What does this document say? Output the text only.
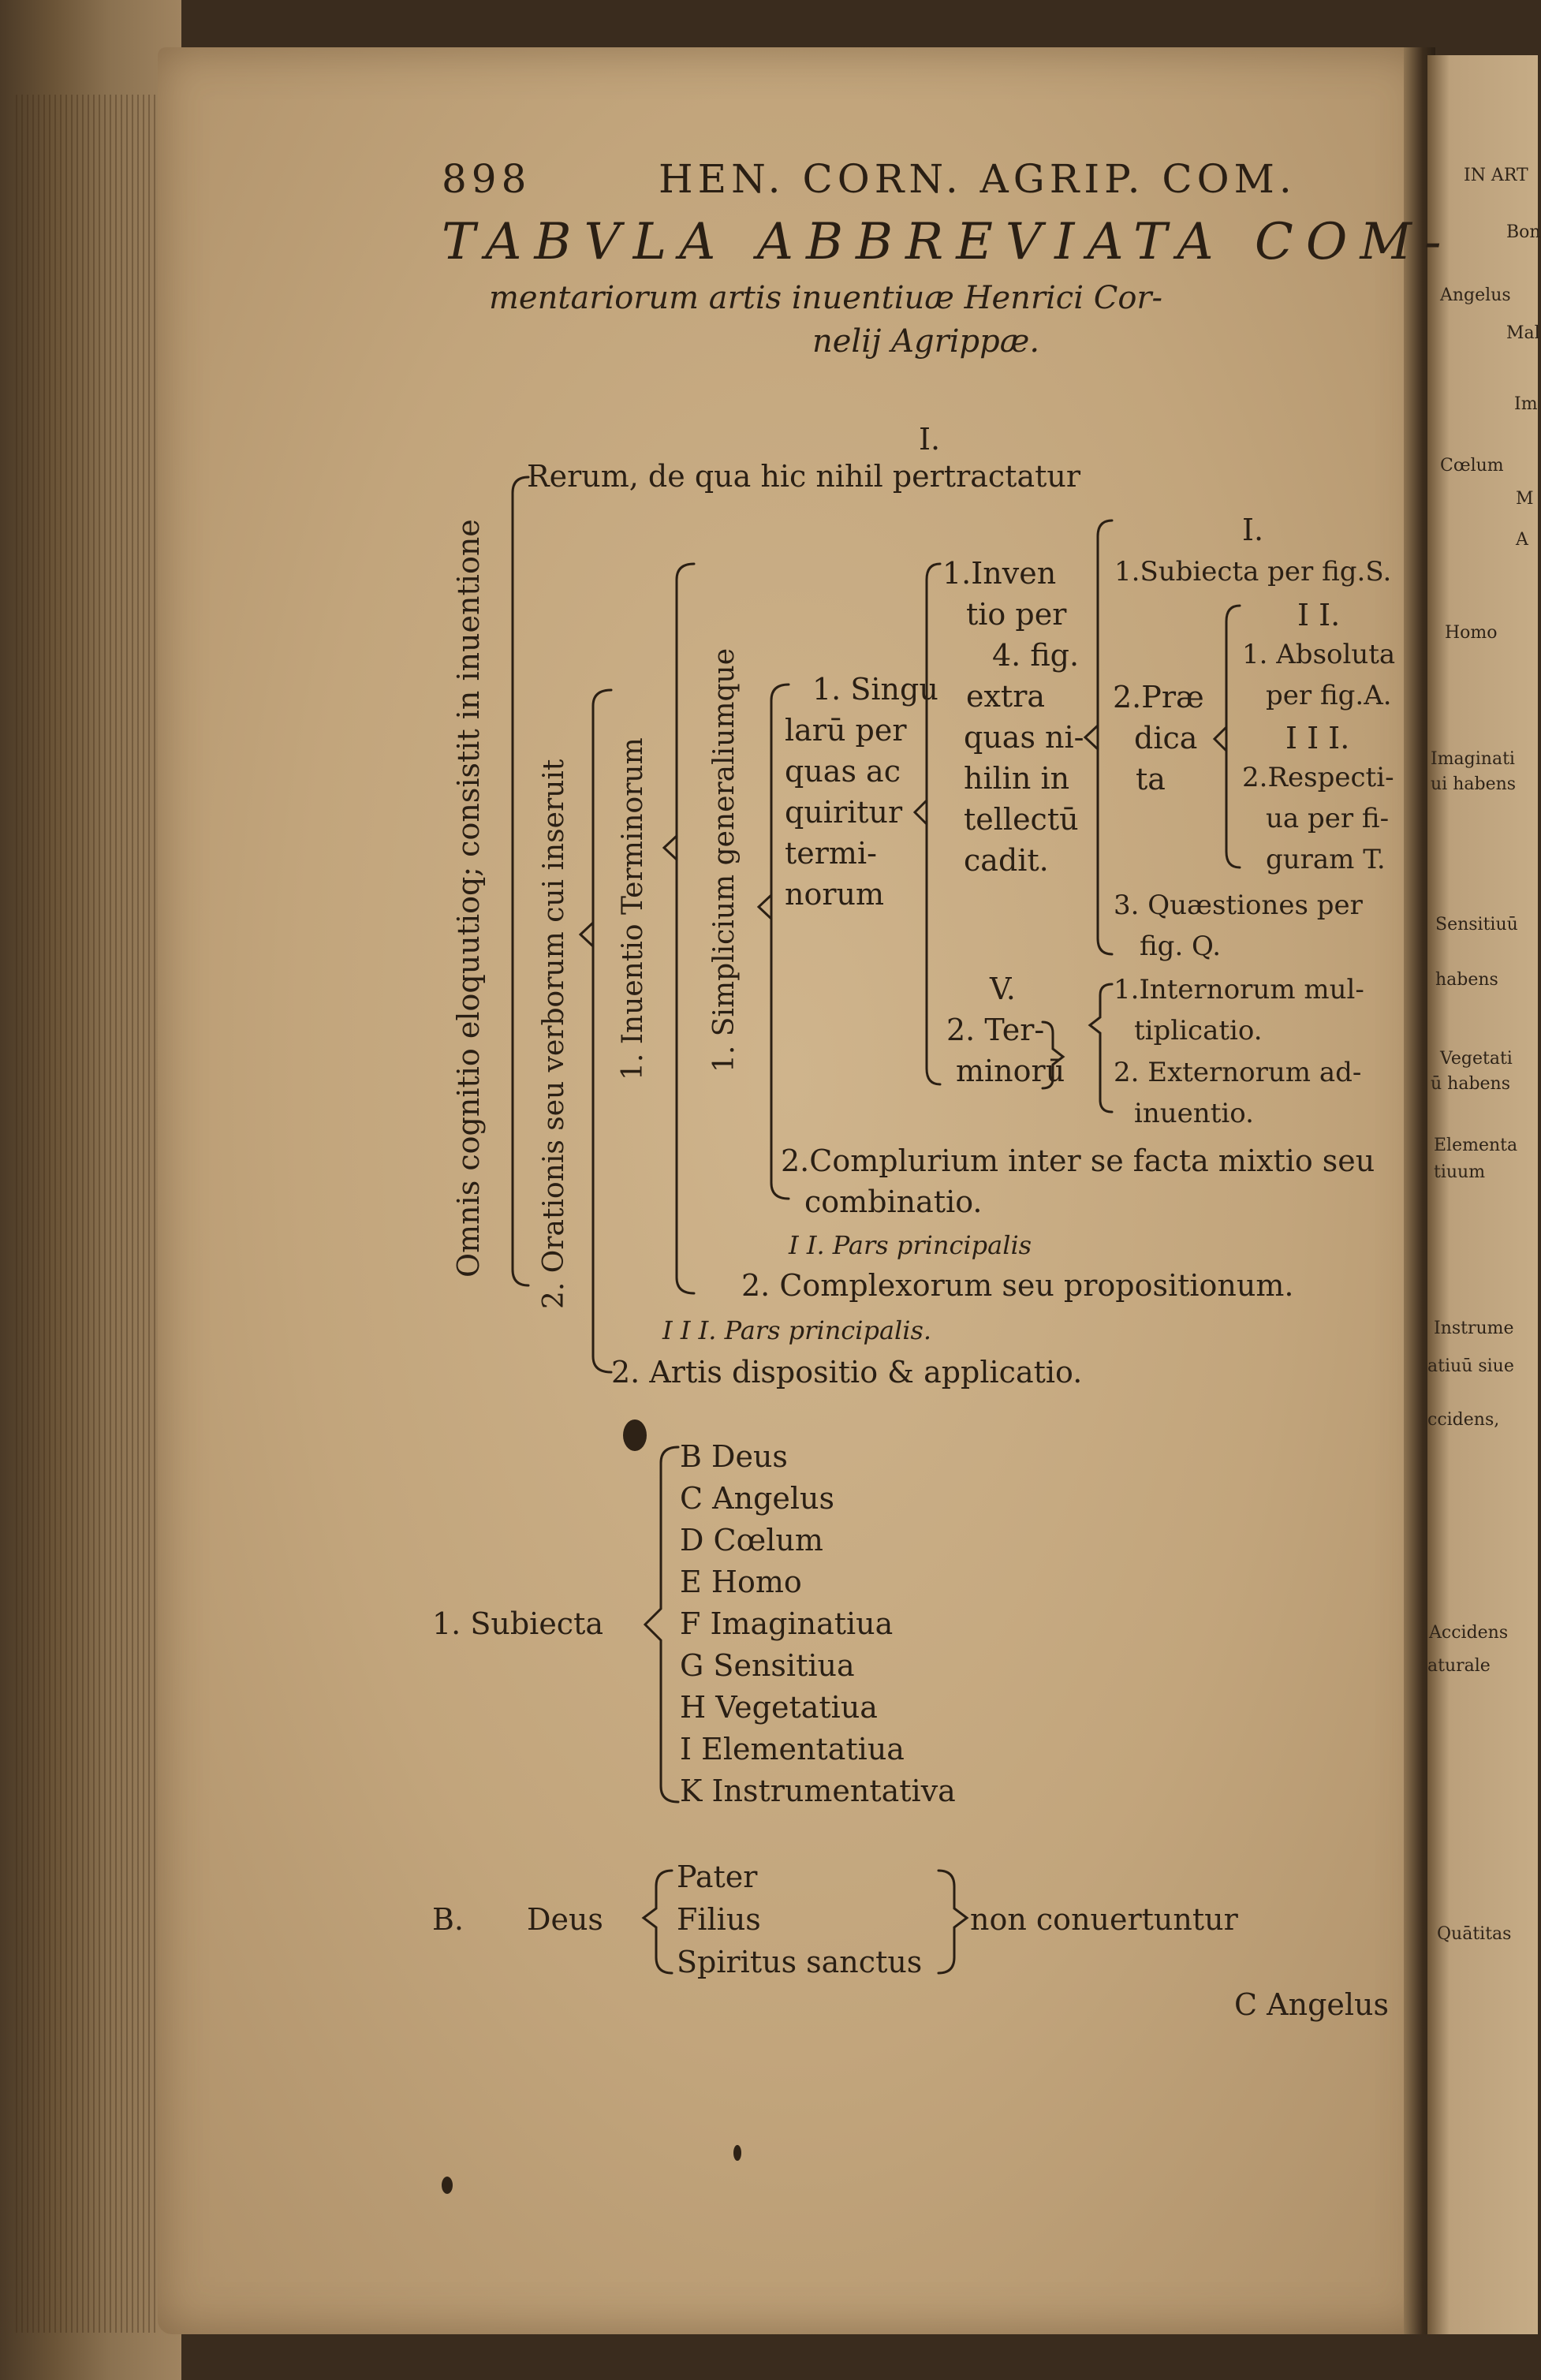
898	HEN. CORN. AGRIP. COM.
TABVLA ABBREVIATA COM-
mentariorum artis inuentiuæ Henrici Cor-
nelij Agrippæ.
Omnis cognitio eloquutioq; consistit in inuentione 2. Orationis seu verborum cui inseruit 1. Inuentio Terminorum 1. Simplicium generaliumque
I.
Rerum, de qua hic nihil pertractatur
1. Singu
larū per
quas ac
quiritur
termi-
norum
1.Inven
tio per
4. fig.
extra
quas ni-
hilin in
tellectū
cadit.
I.
1.Subiecta per fig.S.
2.Præ
dica
ta
I I.
1. Absoluta
per fig.A.
I I I.
2.Respecti-
ua per fi-
guram T.
3. Quæstiones per
fig. Q.
V.
2. Ter-
minorū
1.Internorum mul-
tiplicatio.
2. Externorum ad-
inuentio.
2.Complurium inter se facta mixtio seu
combinatio.
I I. Pars principalis
2. Complexorum seu propositionum.
I I I. Pars principalis.
2. Artis dispositio & applicatio.
1. Subiecta
B Deus
C Angelus
D Cœlum
E Homo
F Imaginatiua
G Sensitiua
H Vegetatiua
I Elementatiua
K Instrumentativa
B. Deus
Pater
Filius
Spiritus sanctus
non conuertuntur
C Angelus
IN ART
Bon
Angelus
Mal
Im
Cœlum
M
A
Homo
Imaginati
ui habens
Sensitiuū
habens
Vegetati
ū habens
Elementa
tiuum
Instrume
atiuū siue
ccidens,
Accidens
aturale
Quātitas
